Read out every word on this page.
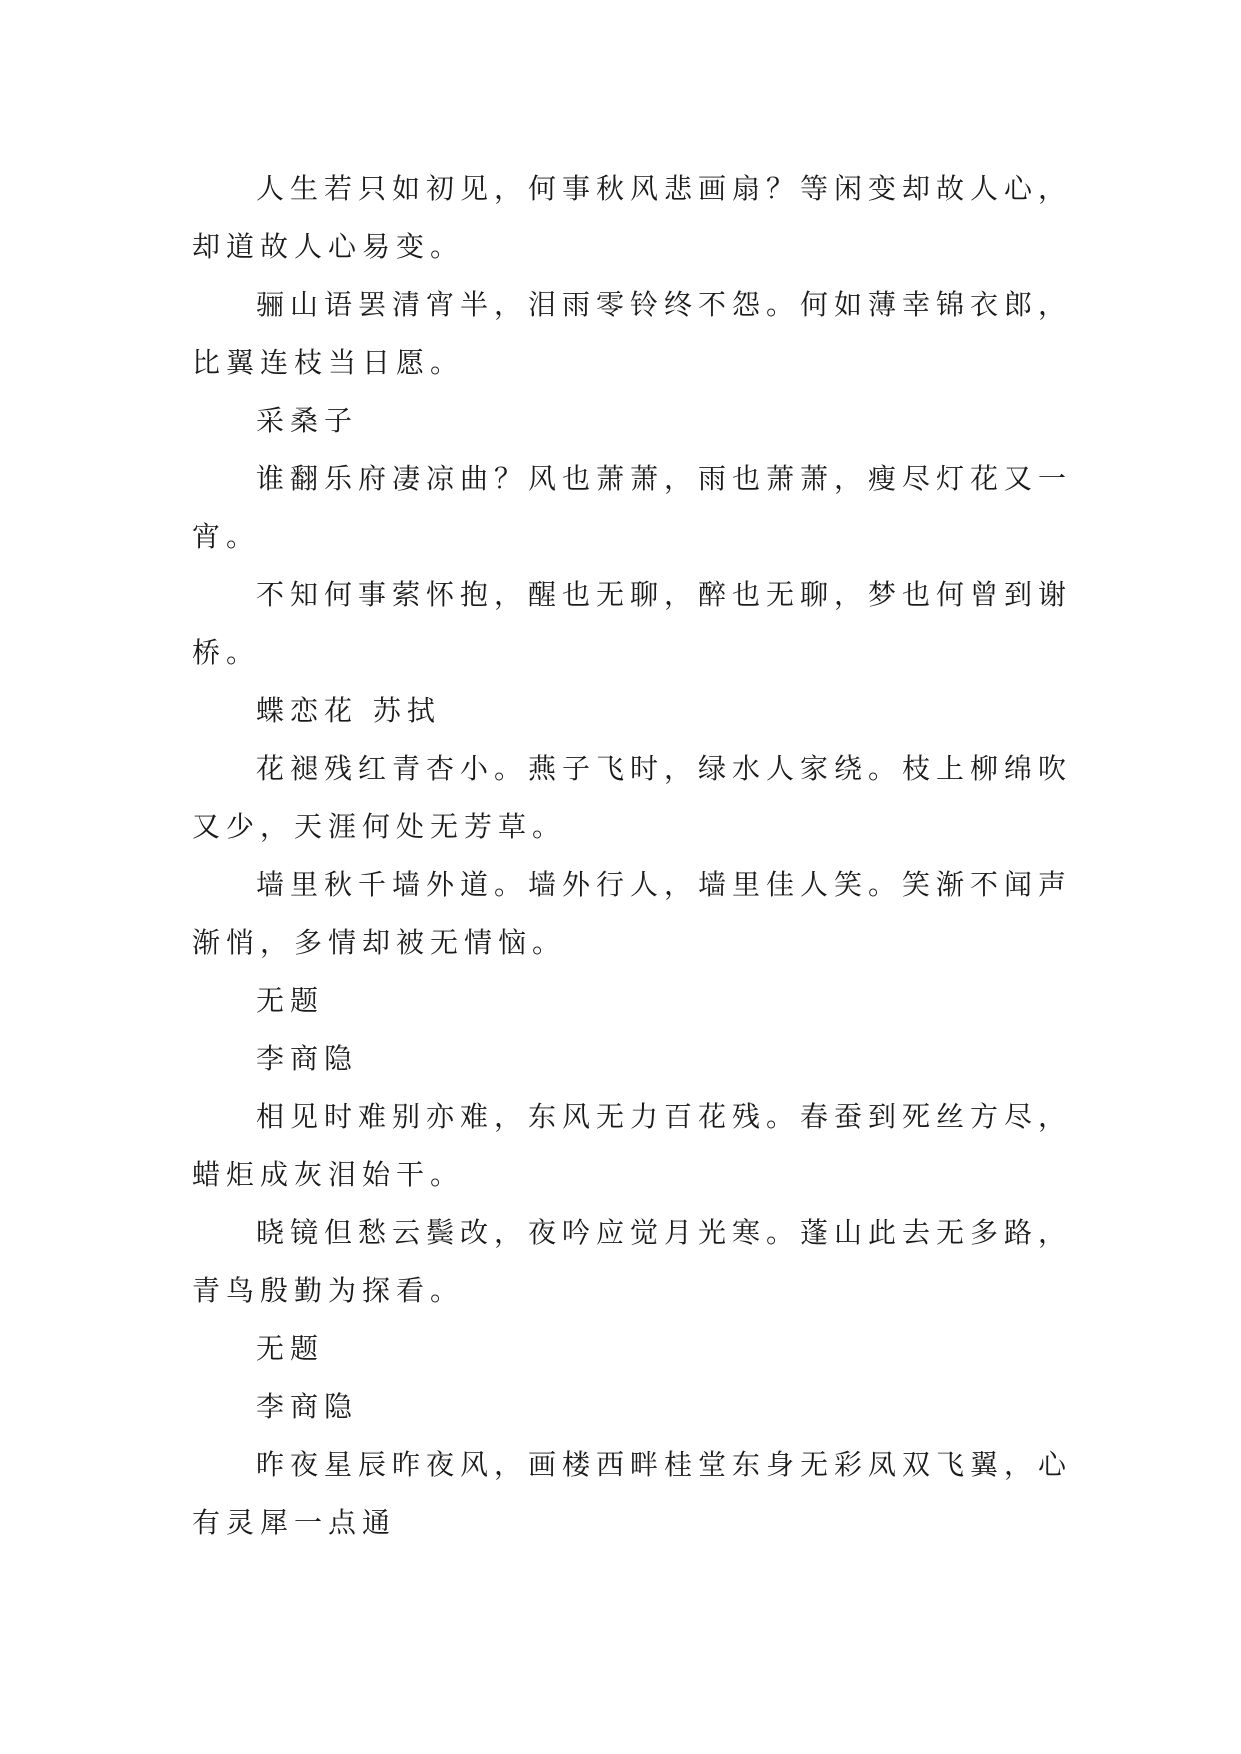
人生若只如初见，何事秋风悲画扇？等闲变却故人心，却道故人心易变。

骊山语罢清宵半，泪雨零铃终不怨。何如薄幸锦衣郎，比翼连枝当日愿。

采桑子

谁翻乐府凄凉曲？风也萧萧，雨也萧萧，瘦尽灯花又一宵。

不知何事萦怀抱，醒也无聊，醉也无聊，梦也何曾到谢桥。

蝶恋花 苏拭

花褪残红青杏小。燕子飞时，绿水人家绕。枝上柳绵吹又少，天涯何处无芳草。

墙里秋千墙外道。墙外行人，墙里佳人笑。笑渐不闻声渐悄，多情却被无情恼。

无题

李商隐

相见时难别亦难，东风无力百花残。春蚕到死丝方尽，蜡炬成灰泪始干。

晓镜但愁云鬓改，夜吟应觉月光寒。蓬山此去无多路，青鸟殷勤为探看。

无题

李商隐

昨夜星辰昨夜风，画楼西畔桂堂东身无彩凤双飞翼，心有灵犀一点通
